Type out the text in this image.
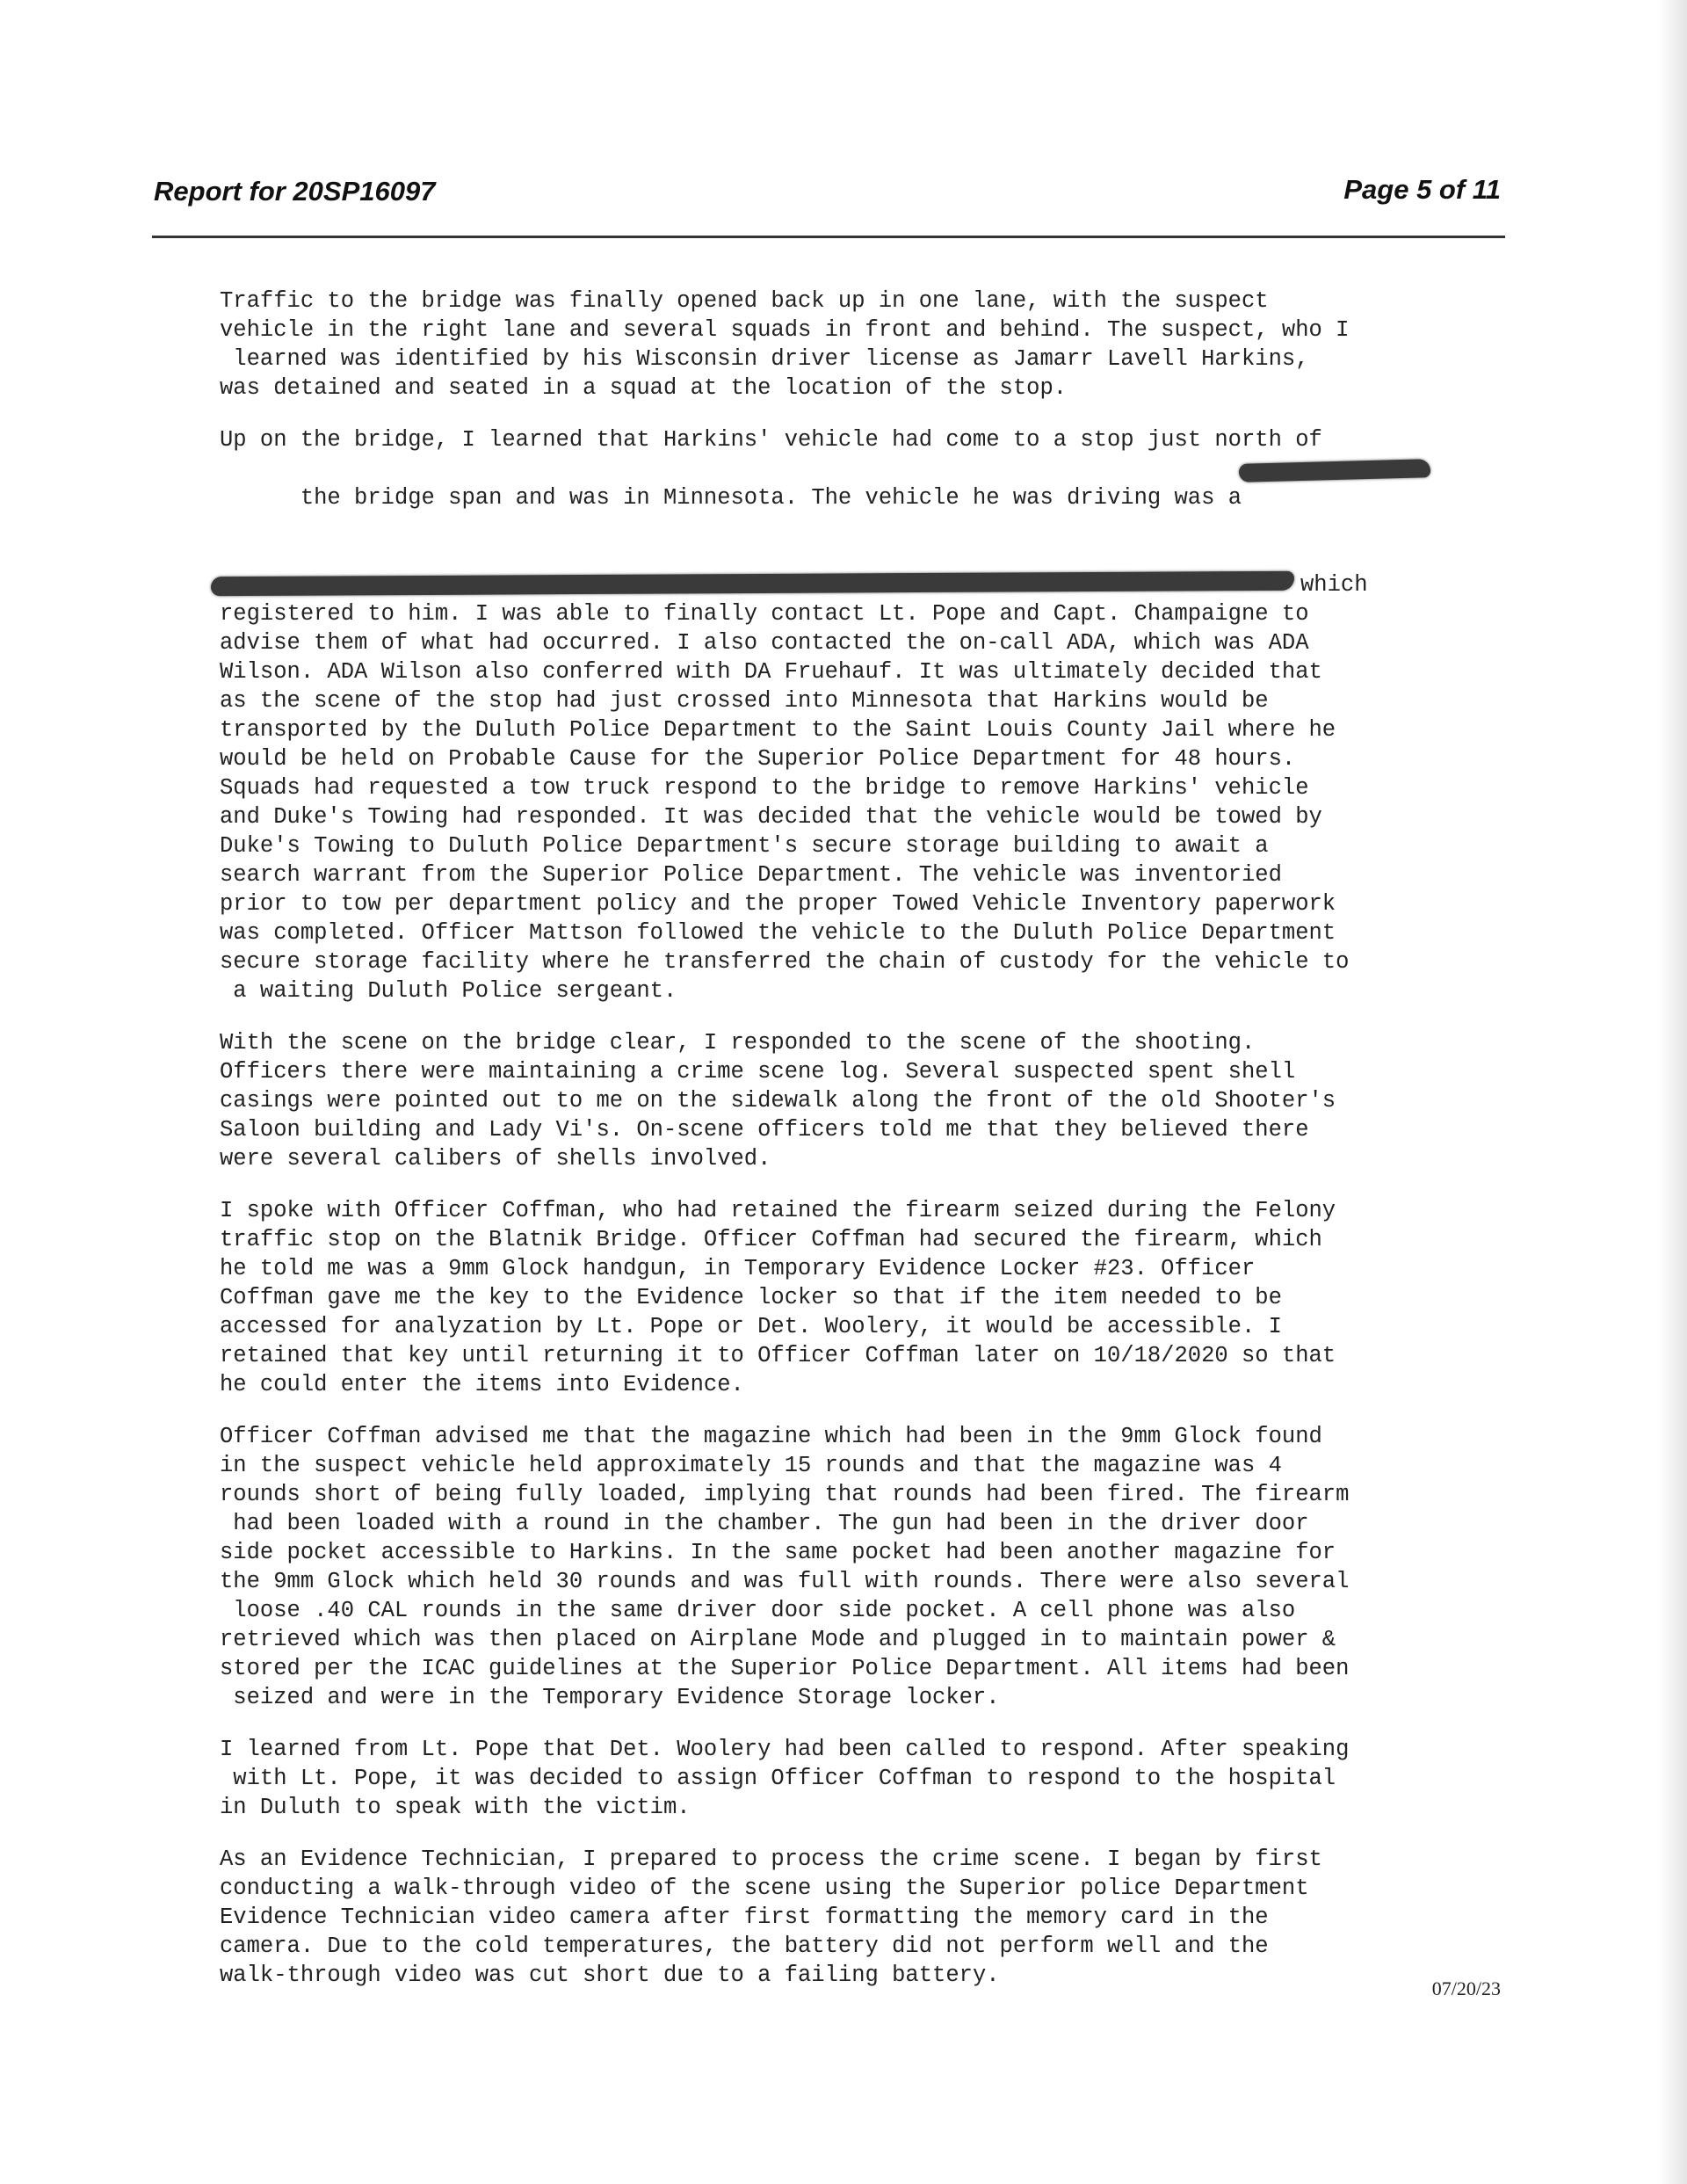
Report for 20SP16097	Page 5 of 11
Traffic to the bridge was finally opened back up in one lane, with the suspect
vehicle in the right lane and several squads in front and behind. The suspect, who I
learned was identified by his Wisconsin driver license as Jamarr Lavell Harkins,
was detained and seated in a squad at the location of the stop.
Up on the bridge, I learned that Harkins' vehicle had come to a stop just north of

the bridge span and was in Minnesota. The vehicle he was driving was a

which
registered to him. I was able to finally contact Lt. Pope and Capt. Champaigne to
advise them of what had occurred. I also contacted the on-call ADA, which was ADA
Wilson. ADA Wilson also conferred with DA Fruehauf. It was ultimately decided that
as the scene of the stop had just crossed into Minnesota that Harkins would be
transported by the Duluth Police Department to the Saint Louis County Jail where he
would be held on Probable Cause for the Superior Police Department for 48 hours.
Squads had requested a tow truck respond to the bridge to remove Harkins' vehicle
and Duke's Towing had responded. It was decided that the vehicle would be towed by
Duke's Towing to Duluth Police Department's secure storage building to await a
search warrant from the Superior Police Department. The vehicle was inventoried
prior to tow per department policy and the proper Towed Vehicle Inventory paperwork
was completed. Officer Mattson followed the vehicle to the Duluth Police Department
secure storage facility where he transferred the chain of custody for the vehicle to
a waiting Duluth Police sergeant.
With the scene on the bridge clear, I responded to the scene of the shooting.
Officers there were maintaining a crime scene log. Several suspected spent shell
casings were pointed out to me on the sidewalk along the front of the old Shooter's
Saloon building and Lady Vi's. On-scene officers told me that they believed there
were several calibers of shells involved.
I spoke with Officer Coffman, who had retained the firearm seized during the Felony
traffic stop on the Blatnik Bridge. Officer Coffman had secured the firearm, which
he told me was a 9mm Glock handgun, in Temporary Evidence Locker #23. Officer
Coffman gave me the key to the Evidence locker so that if the item needed to be
accessed for analyzation by Lt. Pope or Det. Woolery, it would be accessible. I
retained that key until returning it to Officer Coffman later on 10/18/2020 so that
he could enter the items into Evidence.
Officer Coffman advised me that the magazine which had been in the 9mm Glock found
in the suspect vehicle held approximately 15 rounds and that the magazine was 4
rounds short of being fully loaded, implying that rounds had been fired. The firearm
had been loaded with a round in the chamber. The gun had been in the driver door
side pocket accessible to Harkins. In the same pocket had been another magazine for
the 9mm Glock which held 30 rounds and was full with rounds. There were also several
loose .40 CAL rounds in the same driver door side pocket. A cell phone was also
retrieved which was then placed on Airplane Mode and plugged in to maintain power &
stored per the ICAC guidelines at the Superior Police Department. All items had been
seized and were in the Temporary Evidence Storage locker.
I learned from Lt. Pope that Det. Woolery had been called to respond. After speaking
with Lt. Pope, it was decided to assign Officer Coffman to respond to the hospital
in Duluth to speak with the victim.
As an Evidence Technician, I prepared to process the crime scene. I began by first
conducting a walk-through video of the scene using the Superior police Department
Evidence Technician video camera after first formatting the memory card in the
camera. Due to the cold temperatures, the battery did not perform well and the
walk-through video was cut short due to a failing battery.
07/20/23
